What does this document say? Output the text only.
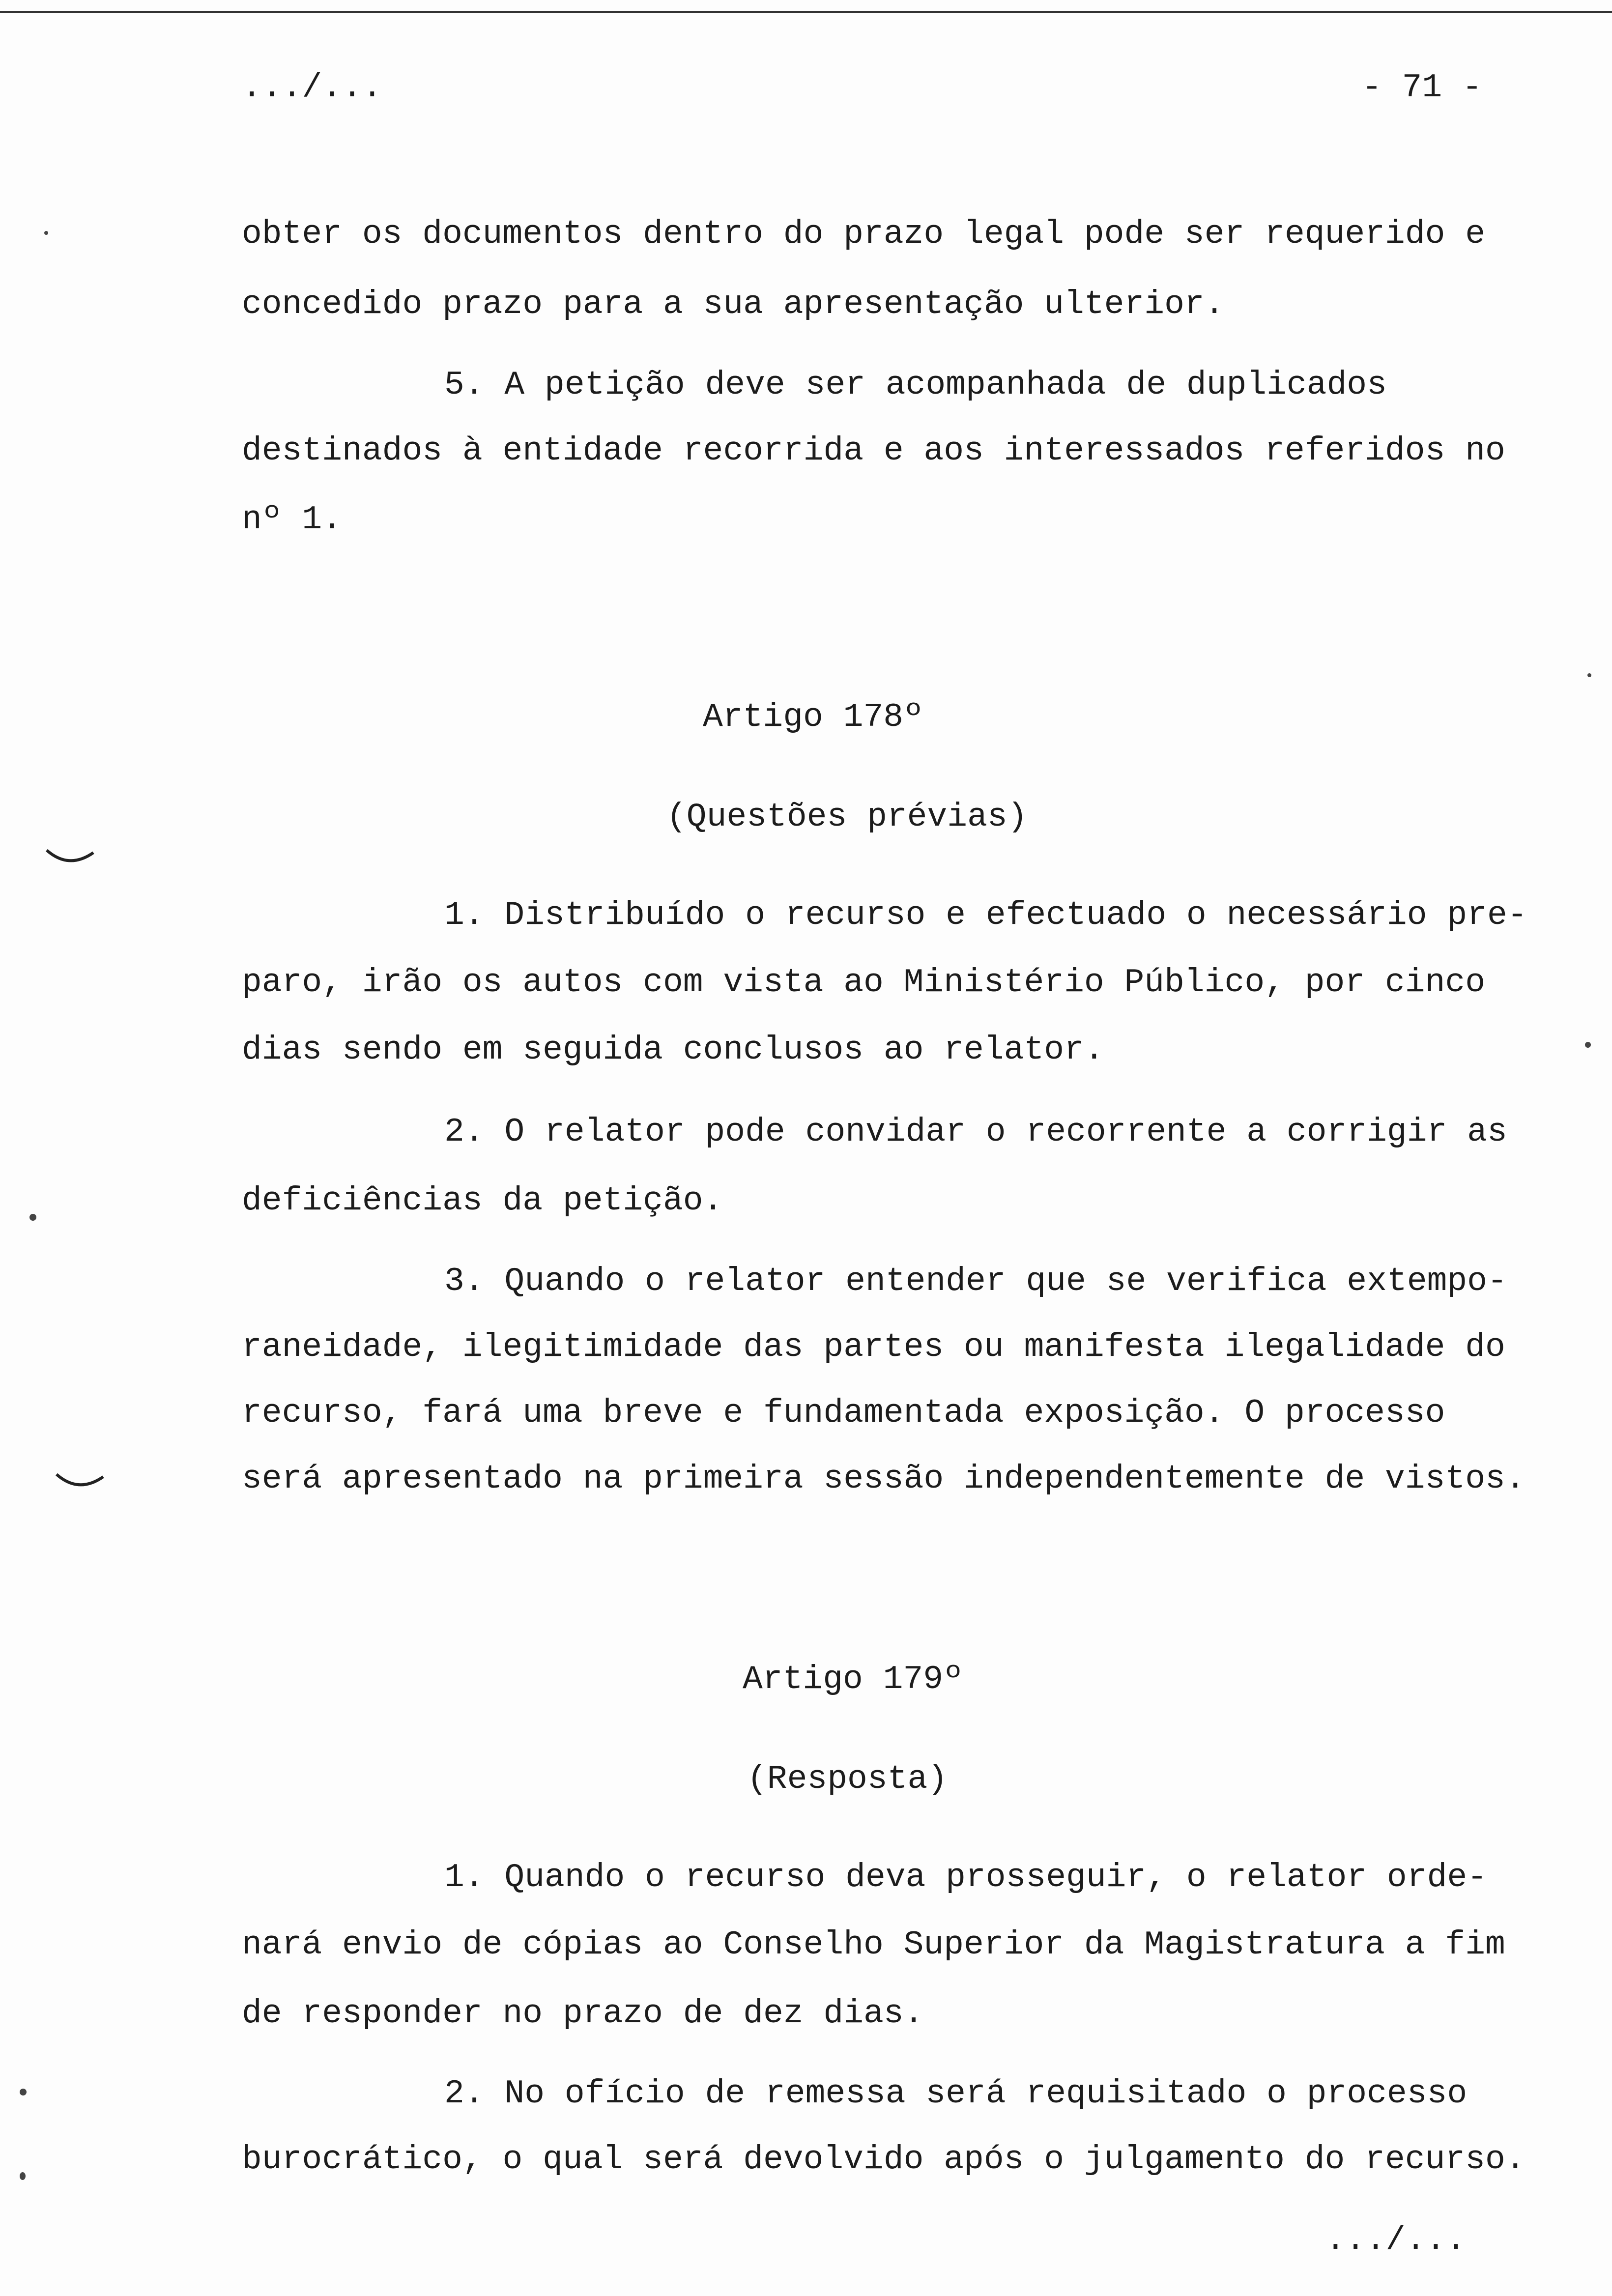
.../...	- 71 -
obter os documentos dentro do prazo legal pode ser requerido e
concedido prazo para a sua apresentação ulterior.
5. A petição deve ser acompanhada de duplicados
destinados à entidade recorrida e aos interessados referidos no
nº 1.
Artigo 178º
(Questões prévias)
1. Distribuído o recurso e efectuado o necessário pre-
paro, irão os autos com vista ao Ministério Público, por cinco
dias sendo em seguida conclusos ao relator.
2. O relator pode convidar o recorrente a corrigir as
deficiências da petição.
3. Quando o relator entender que se verifica extempo-
raneidade, ilegitimidade das partes ou manifesta ilegalidade do
recurso, fará uma breve e fundamentada exposição. O processo
será apresentado na primeira sessão independentemente de vistos.
Artigo 179º
(Resposta)
1. Quando o recurso deva prosseguir, o relator orde-
nará envio de cópias ao Conselho Superior da Magistratura a fim
de responder no prazo de dez dias.
2. No ofício de remessa será requisitado o processo
burocrático, o qual será devolvido após o julgamento do recurso.
.../...
